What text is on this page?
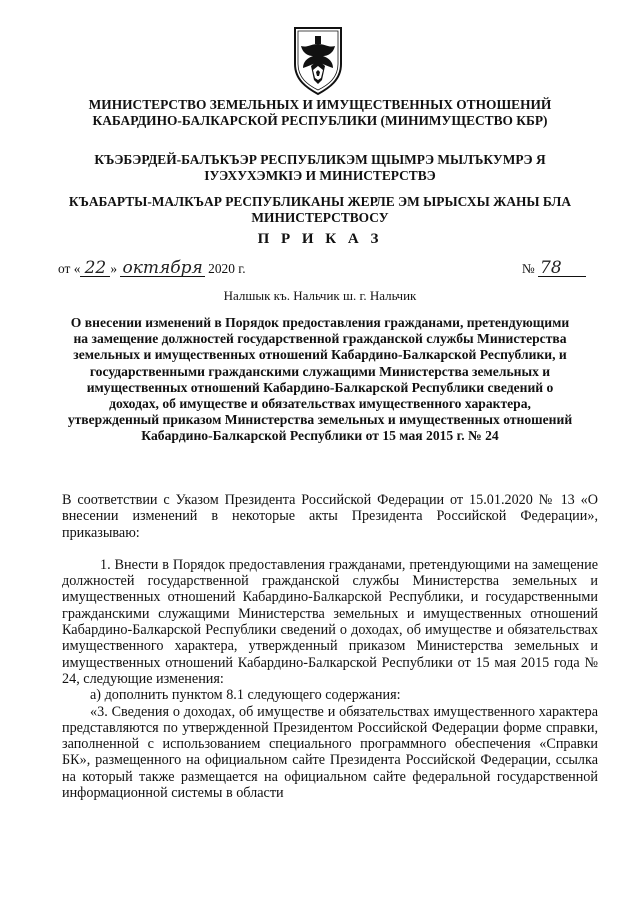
МИНИСТЕРСТВО ЗЕМЕЛЬНЫХ И ИМУЩЕСТВЕННЫХ ОТНОШЕНИЙ КАБАРДИНО-БАЛКАРСКОЙ РЕСПУБЛИКИ (МИНИМУЩЕСТВО КБР)

КЪЭБЭРДЕЙ-БАЛЪКЪЭР РЕСПУБЛИКЭМ ЩIЫМРЭ МЫЛЪКУМРЭ Я IУЭХУХЭМКIЭ И МИНИСТЕРСТВЭ

КЪАБАРТЫ-МАЛКЪАР РЕСПУБЛИКАНЫ ЖЕРЛЕ ЭМ ЫРЫСХЫ ЖАНЫ БЛА МИНИСТЕРСТВОСУ

П Р И К А З

от « 22 » октября 2020 г.	№ 78

Налшык къ. Нальчик ш. г. Нальчик

О внесении изменений в Порядок предоставления гражданами, претендующими на замещение должностей государственной гражданской службы Министерства земельных и имущественных отношений Кабардино-Балкарской Республики, и государственными гражданскими служащими Министерства земельных и имущественных отношений Кабардино-Балкарской Республики сведений о доходах, об имуществе и обязательствах имущественного характера, утвержденный приказом Министерства земельных и имущественных отношений Кабардино-Балкарской Республики от 15 мая 2015 г. № 24

В соответствии с Указом Президента Российской Федерации от 15.01.2020 № 13 «О внесении изменений в некоторые акты Президента Российской Федерации», приказываю:

1. Внести в Порядок предоставления гражданами, претендующими на замещение должностей государственной гражданской службы Министерства земельных и имущественных отношений Кабардино-Балкарской Республики, и государственными гражданскими служащими Министерства земельных и имущественных отношений Кабардино-Балкарской Республики сведений о доходах, об имуществе и обязательствах имущественного характера, утвержденный приказом Министерства земельных и имущественных отношений Кабардино-Балкарской Республики от 15 мая 2015 года № 24, следующие изменения:

а) дополнить пунктом 8.1 следующего содержания:

«3. Сведения о доходах, об имуществе и обязательствах имущественного характера представляются по утвержденной Президентом Российской Федерации форме справки, заполненной с использованием специального программного обеспечения «Справки БК», размещенного на официальном сайте Президента Российской Федерации, ссылка на который также размещается на официальном сайте федеральной государственной информационной системы в области
